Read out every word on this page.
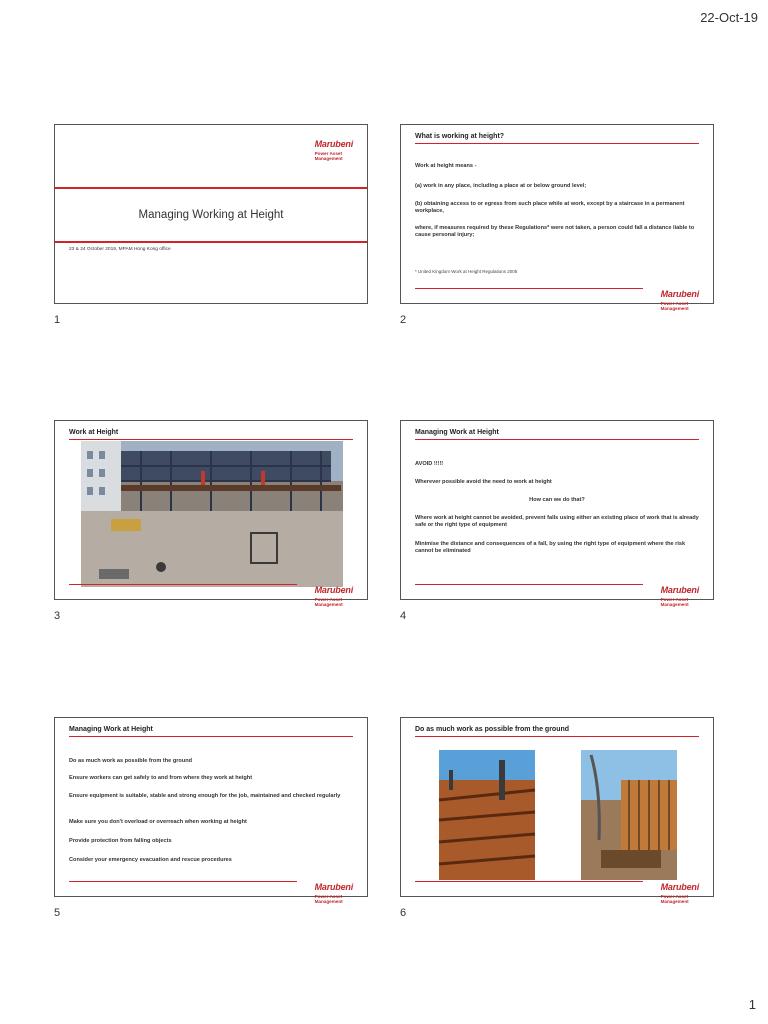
22-Oct-19
Marubeni
Power Asset
Management
Managing Working at Height
23 & 24 October 2019, MPAM Hong Kong office
1
What is working at height?
Work at height means -
(a) work in any place, including a place at or below ground level;
(b) obtaining access to or egress from such place while at work, except by a staircase in a permanent workplace,
where, if measures required by these Regulations* were not taken, a person could fall a distance liable to cause personal injury;
* United Kingdom Work at Height Regulations 2005
Marubeni
Power Asset
Management
2
Work at Height
Marubeni
Power Asset
Management
3
Managing Work at Height
AVOID !!!!!
Wherever possible avoid the need to work at height
How can we do that?
Where work at height cannot be avoided, prevent falls using either an existing place of work that is already safe or the right type of equipment
Minimise the distance and consequences of a fall, by using the right type of equipment where the risk cannot be eliminated
Marubeni
Power Asset
Management
4
Managing Work at Height
Do as much work as possible from the ground
Ensure workers can get safely to and from where they work at height
Ensure equipment is suitable, stable and strong enough for the job, maintained and checked regularly
Make sure you don't overload or overreach when working at height
Provide protection from falling objects
Consider your emergency evacuation and rescue procedures
Marubeni
Power Asset
Management
5
Do as much work as possible from the ground
Marubeni
Power Asset
Management
6
1
